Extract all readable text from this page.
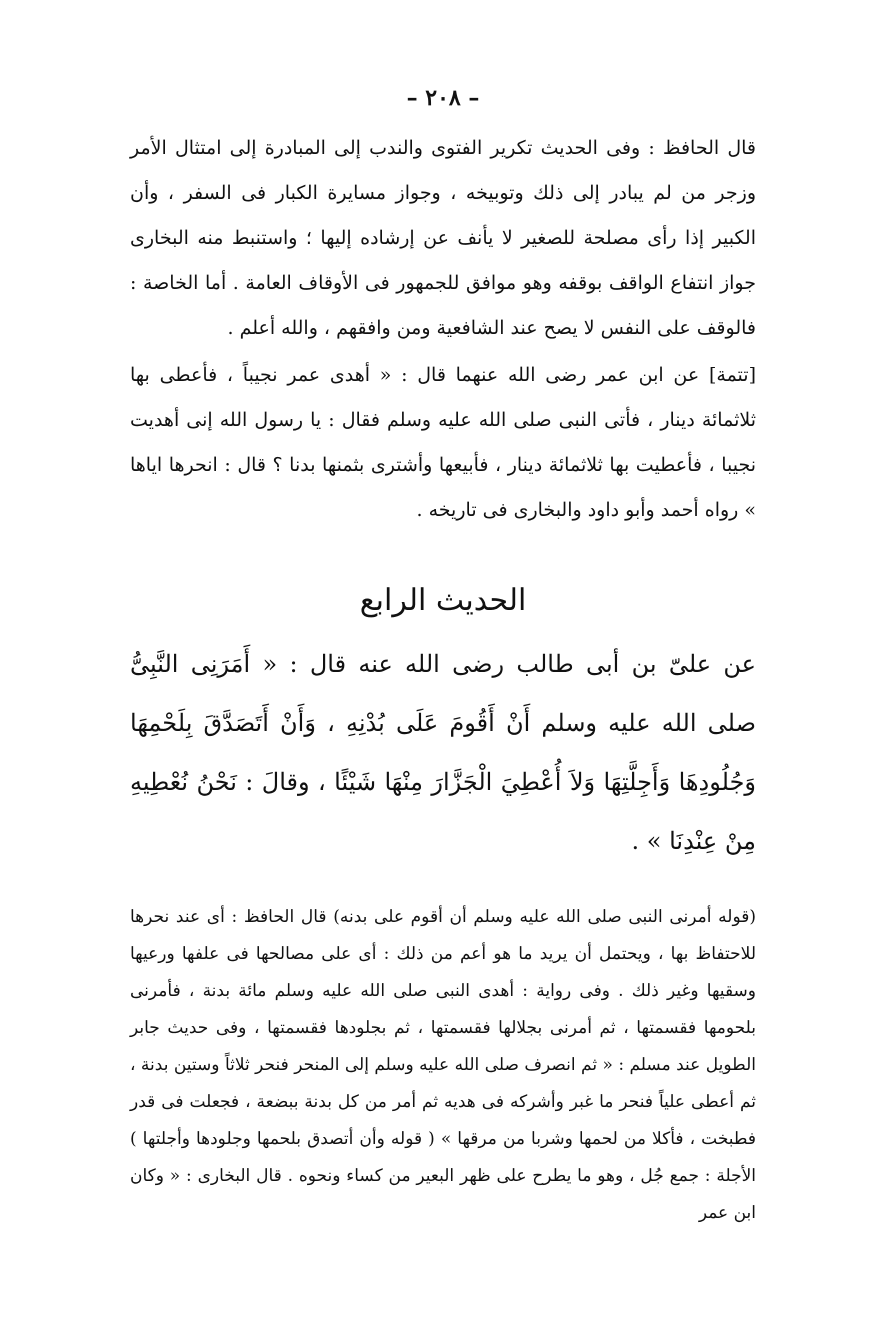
– ٢٠٨ –

قال الحافظ : وفى الحديث تكرير الفتوى والندب إلى المبادرة إلى امتثال الأمر وزجر من لم يبادر إلى ذلك وتوبيخه ، وجواز مسايرة الكبار فى السفر ، وأن الكبير إذا رأى مصلحة للصغير لا يأنف عن إرشاده إليها ؛ واستنبط منه البخارى جواز انتفاع الواقف بوقفه وهو موافق للجمهور فى الأوقاف العامة . أما الخاصة : فالوقف على النفس لا يصح عند الشافعية ومن وافقهم ، والله أعلم .

[تتمة] عن ابن عمر رضى الله عنهما قال : « أهدى عمر نجيباً ، فأعطى بها ثلاثمائة دينار ، فأتى النبى صلى الله عليه وسلم فقال : يا رسول الله إنى أهديت نجيبا ، فأعطيت بها ثلاثمائة دينار ، فأبيعها وأشترى بثمنها بدنا ؟ قال : انحرها اياها » رواه أحمد وأبو داود والبخارى فى تاريخه .

الحديث الرابع

عن علىّ بن أبى طالب رضى الله عنه قال : « أَمَرَنِى النَّبِىُّ صلى الله عليه وسلم أَنْ أَقُومَ عَلَى بُدْنِهِ ، وَأَنْ أَتَصَدَّقَ بِلَحْمِهَا وَجُلُودِهَا وَأَجِلَّتِهَا وَلاَ أُعْطِيَ الْجَزَّارَ مِنْهَا شَيْئًا ، وقالَ : نَحْنُ نُعْطِيهِ مِنْ عِنْدِنَا » .

(قوله أمرنى النبى صلى الله عليه وسلم أن أقوم على بدنه) قال الحافظ : أى عند نحرها للاحتفاظ بها ، ويحتمل أن يريد ما هو أعم من ذلك : أى على مصالحها فى علفها ورعيها وسقيها وغير ذلك . وفى رواية : أهدى النبى صلى الله عليه وسلم مائة بدنة ، فأمرنى بلحومها فقسمتها ، ثم أمرنى بجلالها فقسمتها ، ثم بجلودها فقسمتها ، وفى حديث جابر الطويل عند مسلم : « ثم انصرف صلى الله عليه وسلم إلى المنحر فنحر ثلاثاً وستين بدنة ، ثم أعطى علياً فنحر ما غبر وأشركه فى هديه ثم أمر من كل بدنة ببضعة ، فجعلت فى قدر فطبخت ، فأكلا من لحمها وشربا من مرقها » ( قوله وأن أتصدق بلحمها وجلودها وأجلتها ) الأجلة : جمع جُل ، وهو ما يطرح على ظهر البعير من كساء ونحوه . قال البخارى : « وكان ابن عمر
